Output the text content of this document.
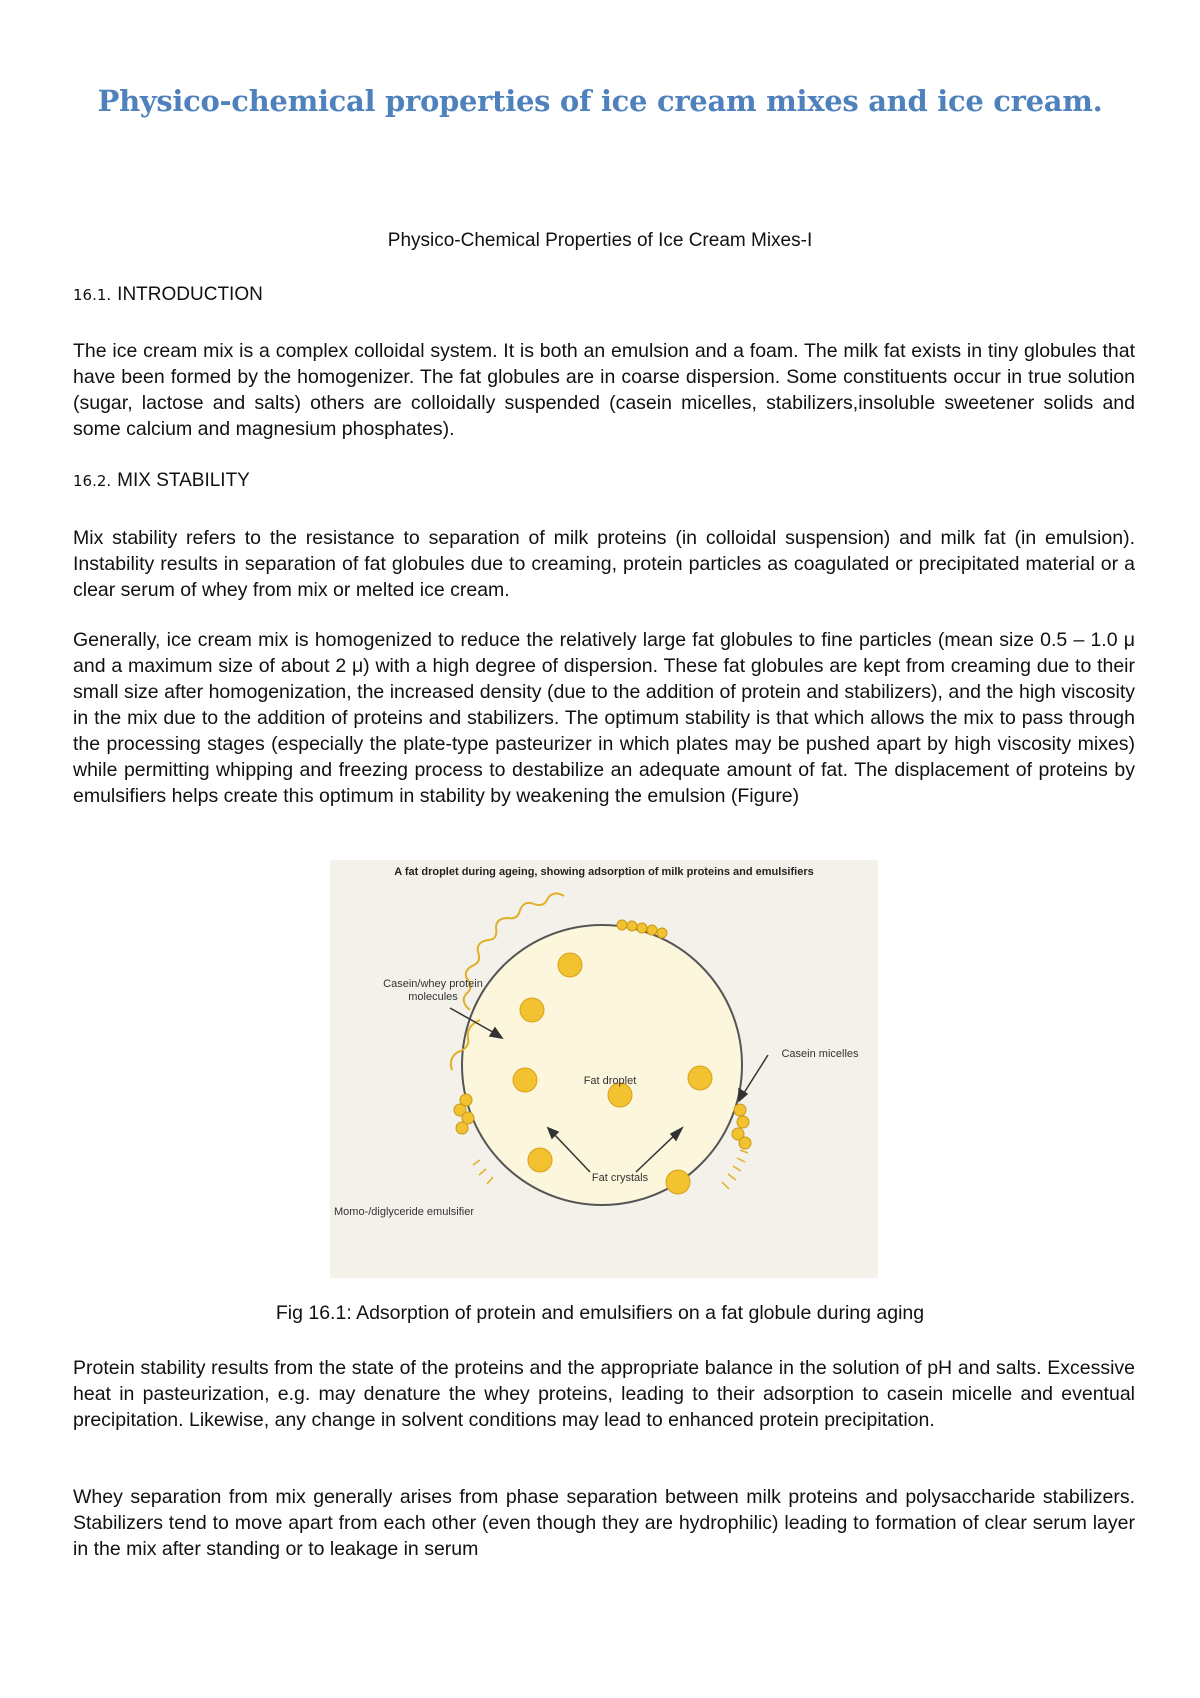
Physico-chemical properties of ice cream mixes and ice cream.
Physico-Chemical Properties of Ice Cream Mixes-I
16.1. INTRODUCTION
The ice cream mix is a complex colloidal system. It is both an emulsion and a foam. The milk fat exists in tiny globules that have been formed by the homogenizer. The fat globules are in coarse dispersion. Some constituents occur in true solution (sugar, lactose and salts) others are colloidally suspended (casein micelles, stabilizers,insoluble sweetener solids and some calcium and magnesium phosphates).
16.2. MIX STABILITY
Mix stability refers to the resistance to separation of milk proteins (in colloidal suspension) and milk fat (in emulsion). Instability results in separation of fat globules due to creaming, protein particles as coagulated or precipitated material or a clear serum of whey from mix or melted ice cream.
Generally, ice cream mix is homogenized to reduce the relatively large fat globules to fine particles (mean size 0.5 – 1.0 μ and a maximum size of about 2 μ) with a high degree of dispersion. These fat globules are kept from creaming due to their small size after homogenization, the increased density (due to the addition of protein and stabilizers), and the high viscosity in the mix due to the addition of proteins and stabilizers. The optimum stability is that which allows the mix to pass through the processing stages (especially the plate-type pasteurizer in which plates may be pushed apart by high viscosity mixes) while permitting whipping and freezing process to destabilize an adequate amount of fat. The displacement of proteins by emulsifiers helps create this optimum in stability by weakening the emulsion (Figure)
A fat droplet during ageing, showing adsorption of milk proteins and emulsifiers
Casein/whey protein molecules
Casein micelles
Fat droplet
Fat crystals
Momo-/diglyceride emulsifier
Fig 16.1: Adsorption of protein and emulsifiers on a fat globule during aging
Protein stability results from the state of the proteins and the appropriate balance in the solution of pH and salts. Excessive heat in pasteurization, e.g. may denature the whey proteins, leading to their adsorption to casein micelle and eventual precipitation. Likewise, any change in solvent conditions may lead to enhanced protein precipitation.
Whey separation from mix generally arises from phase separation between milk proteins and polysaccharide stabilizers. Stabilizers tend to move apart from each other (even though they are hydrophilic) leading to formation of clear serum layer in the mix after standing or to leakage in serum
